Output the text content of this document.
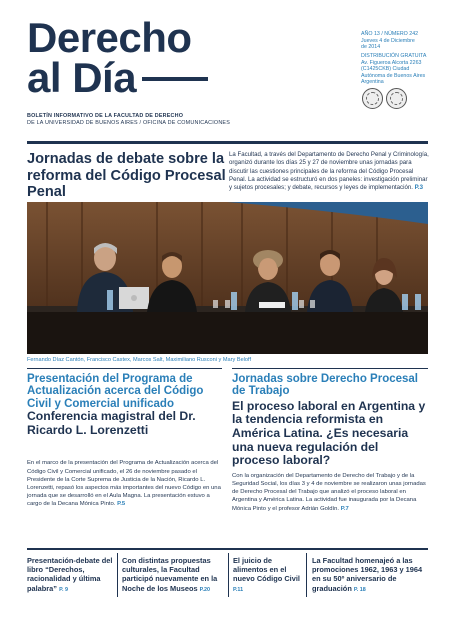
Derecho
al Día
BOLETÍN INFORMATIVO DE LA FACULTAD DE DERECHO
DE LA UNIVERSIDAD DE BUENOS AIRES / OFICINA DE COMUNICACIONES
AÑO 13 / NÚMERO 242
Jueves 4 de Diciembre
de 2014
DISTRIBUCIÓN GRATUITA
Av. Figueroa Alcorta 2263
(C1425CKB) Ciudad
Autónoma de Buenos Aires
Argentina
Jornadas de debate sobre la reforma del Código Procesal Penal

La Facultad, a través del Departamento de Derecho Penal y Criminología, organizó durante los días 25 y 27 de noviembre unas jornadas para discutir las cuestiones principales de la reforma del Código Procesal Penal. La actividad se estructuró en dos paneles: investigación preliminar y sujetos procesales; y debate, recursos y leyes de implementación. P.3

Fernando Díaz Cantón, Francisco Castex, Marcos Salt, Maximiliano Rusconi y Mary Beloff
Presentación del Programa de Actualización acerca del Código Civil y Comercial unificado
Conferencia magistral del Dr. Ricardo L. Lorenzetti

En el marco de la presentación del Programa de Actualización acerca del Código Civil y Comercial unificado, el 26 de noviembre pasado el Presidente de la Corte Suprema de Justicia de la Nación, Ricardo L. Lorenzetti, repasó los aspectos más importantes del nuevo Código en una jornada que se desarrolló en el Aula Magna. La presentación estuvo a cargo de la Decana Mónica Pinto. P.5

Jornadas sobre Derecho Procesal de Trabajo
El proceso laboral en Argentina y la tendencia reformista en América Latina. ¿Es necesaria una nueva regulación del proceso laboral?

Con la organización del Departamento de Derecho del Trabajo y de la Seguridad Social, los días 3 y 4 de noviembre se realizaron unas jornadas de Derecho Procesal del Trabajo que analizó el proceso laboral en Argentina y América Latina. La actividad fue inaugurada por la Decana Mónica Pinto y el profesor Adrián Goldín. P.7

Presentación-debate del libro “Derechos, racionalidad y última palabra” P. 9

Con distintas propuestas culturales, la Facultad participó nuevamente en la Noche de los Museos P.20

El juicio de alimentos en el nuevo Código Civil P.11

La Facultad homenajeó a las promociones 1962, 1963 y 1964 en su 50º aniversario de graduación P. 18
